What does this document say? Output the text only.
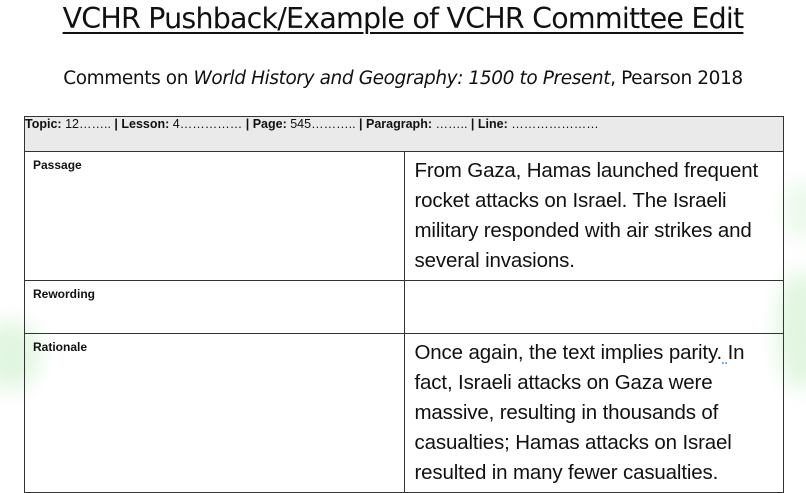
VCHR Pushback/Example of VCHR Committee Edit
Comments on World History and Geography: 1500 to Present, Pearson 2018
Topic: 12…….. | Lesson: 4…………… | Page: 545……….. | Paragraph: …….. | Line: …………………	
Passage	From Gaza, Hamas launched frequent rocket attacks on Israel. The Israeli military responded with air strikes and several invasions.
Rewording	
Rationale	Once again, the text implies parity. In fact, Israeli attacks on Gaza were massive, resulting in thousands of casualties; Hamas attacks on Israel resulted in many fewer casualties.
